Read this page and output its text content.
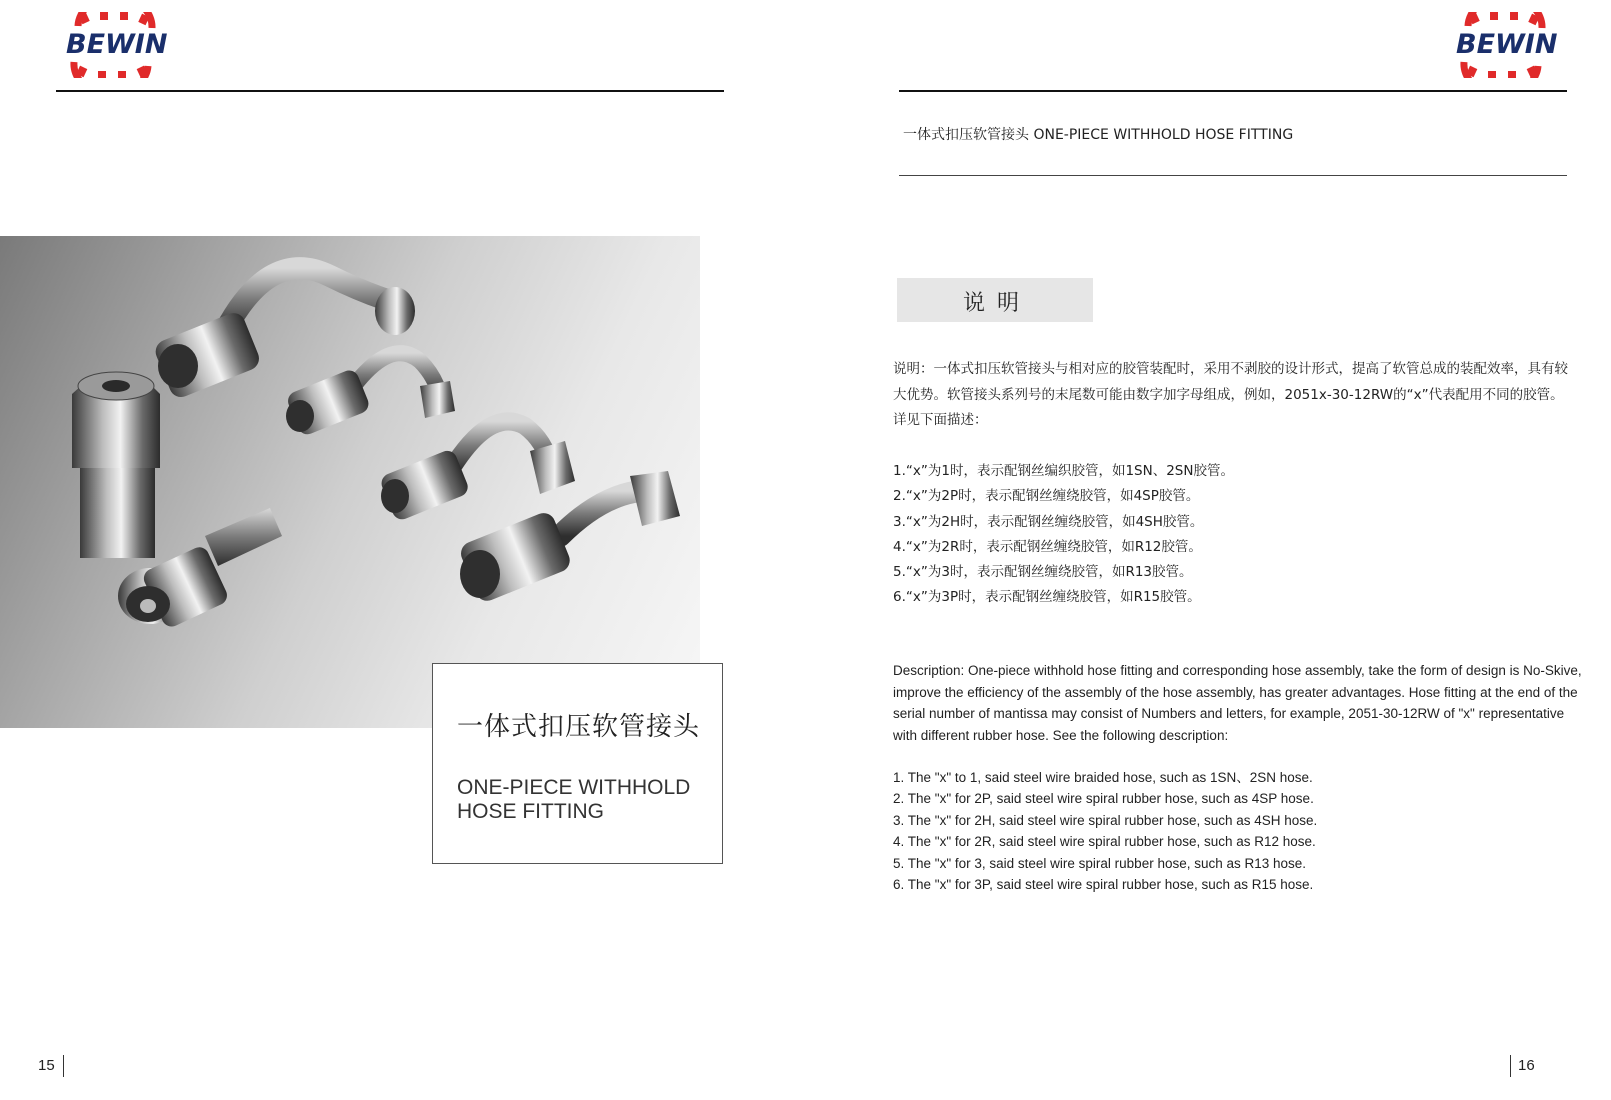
BEWIN	BEWIN
一体式扣压软管接头 ONE-PIECE WITHHOLD HOSE FITTING
一体式扣压软管接头
ONE-PIECE WITHHOLD HOSE FITTING
说明
说明：一体式扣压软管接头与相对应的胶管装配时，采用不剥胶的设计形式，提高了软管总成的装配效率，具有较大优势。软管接头系列号的末尾数可能由数字加字母组成，例如，2051x-30-12RW的“x”代表配用不同的胶管。详见下面描述：
1.“x”为1时，表示配钢丝编织胶管，如1SN、2SN胶管。
2.“x”为2P时，表示配钢丝缠绕胶管，如4SP胶管。
3.“x”为2H时，表示配钢丝缠绕胶管，如4SH胶管。
4.“x”为2R时，表示配钢丝缠绕胶管，如R12胶管。
5.“x”为3时，表示配钢丝缠绕胶管，如R13胶管。
6.“x”为3P时，表示配钢丝缠绕胶管，如R15胶管。
Description: One-piece withhold hose fitting and corresponding hose assembly, take the form of design is No-Skive, improve the efficiency of the assembly of the hose assembly, has greater advantages. Hose fitting at the end of the serial number of mantissa may consist of Numbers and letters, for example, 2051-30-12RW of "x" representative with different rubber hose. See the following description:
1. The "x" to 1, said steel wire braided hose, such as 1SN、2SN hose.
2. The "x" for 2P, said steel wire spiral rubber hose, such as 4SP hose.
3. The "x" for 2H, said steel wire spiral rubber hose, such as 4SH hose.
4. The "x" for 2R, said steel wire spiral rubber hose, such as R12 hose.
5. The "x" for 3, said steel wire spiral rubber hose, such as R13 hose.
6. The "x" for 3P, said steel wire spiral rubber hose, such as R15 hose.
15	16
